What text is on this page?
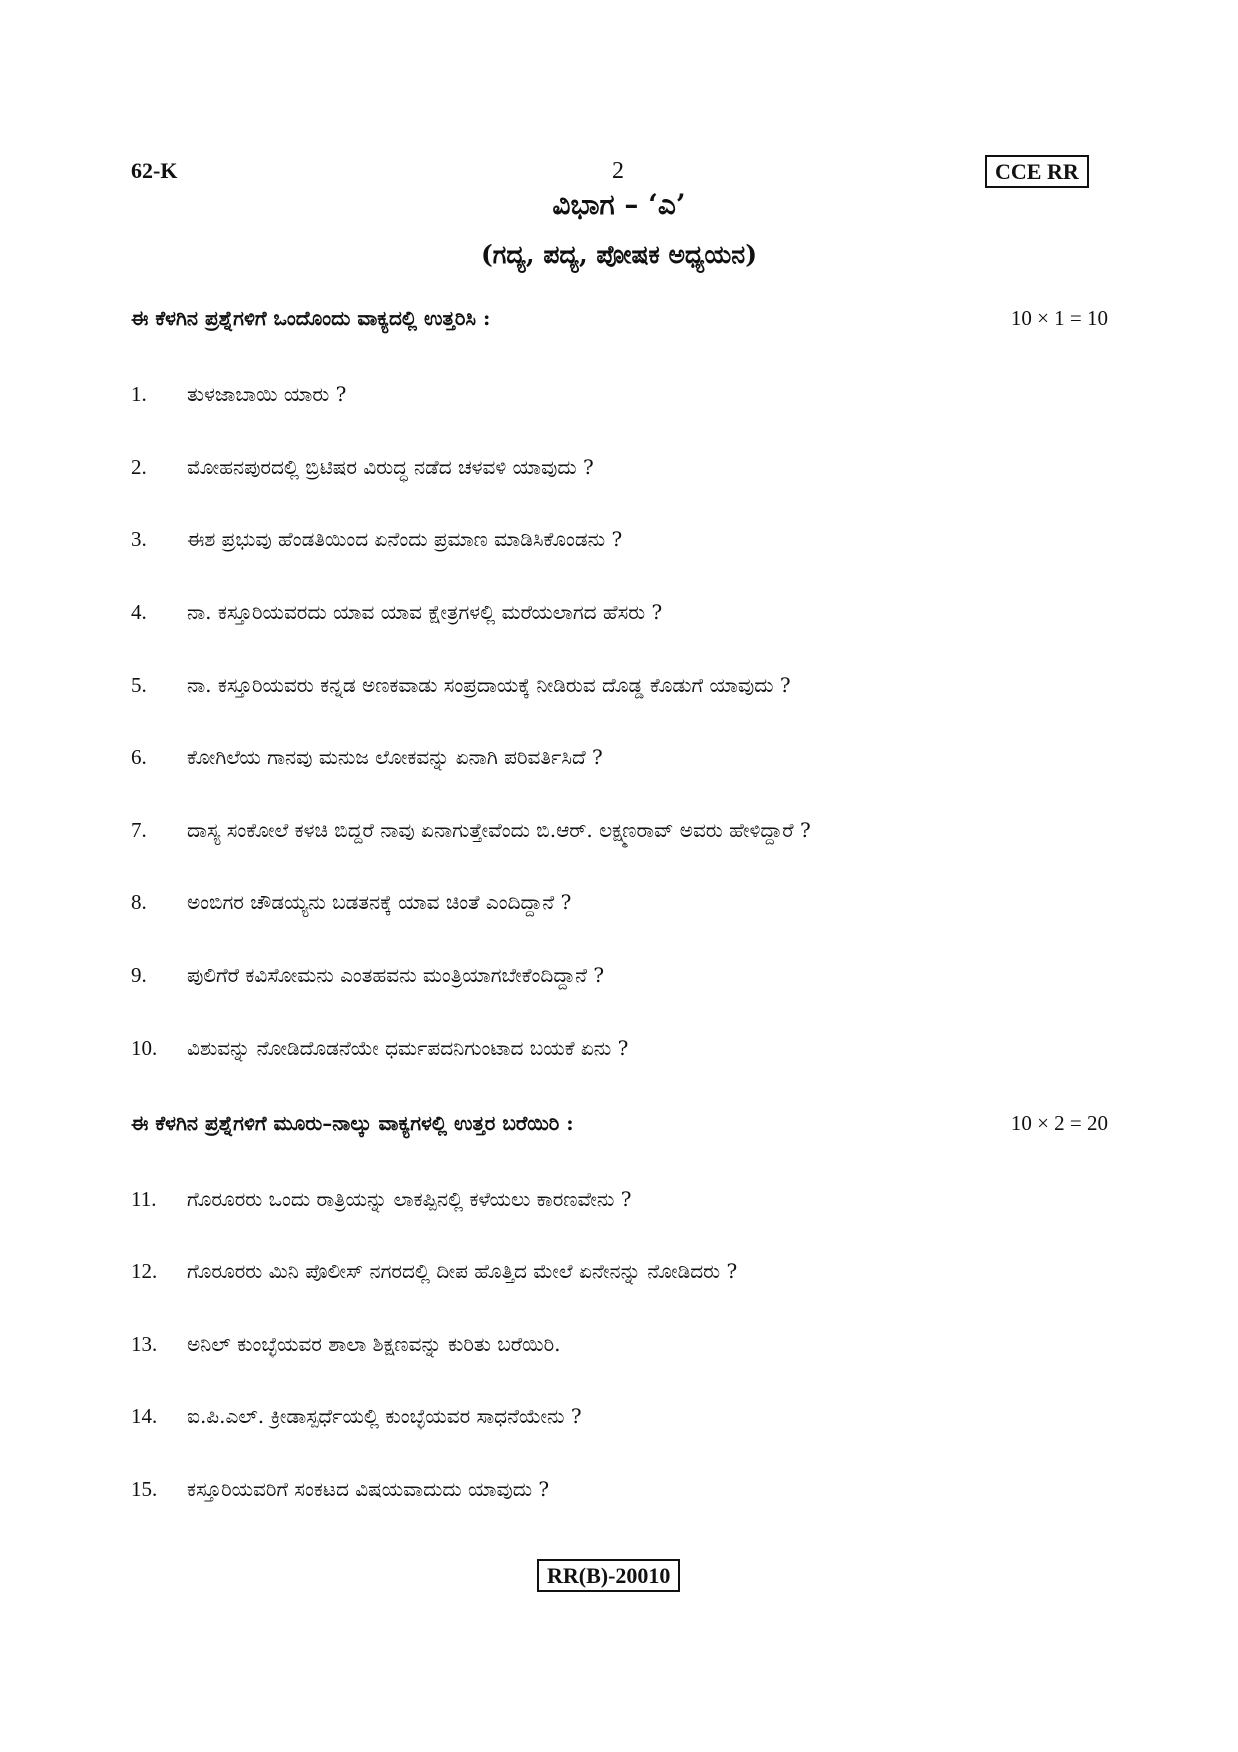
62-K	2	CCE RR
ವಿಭಾಗ – ‘ಎ’
(ಗದ್ಯ, ಪದ್ಯ, ಪೋಷಕ ಅಧ್ಯಯನ)
ಈ ಕೆಳಗಿನ ಪ್ರಶ್ನೆಗಳಿಗೆ ಒಂದೊಂದು ವಾಕ್ಯದಲ್ಲಿ ಉತ್ತರಿಸಿ :	10 × 1 = 10
1. ತುಳಜಾಬಾಯಿ ಯಾರು ?
2. ಮೋಹನಪುರದಲ್ಲಿ ಬ್ರಿಟಿಷರ ವಿರುದ್ಧ ನಡೆದ ಚಳವಳಿ ಯಾವುದು ?
3. ಈಶ ಪ್ರಭುವು ಹೆಂಡತಿಯಿಂದ ಏನೆಂದು ಪ್ರಮಾಣ ಮಾಡಿಸಿಕೊಂಡನು ?
4. ನಾ. ಕಸ್ತೂರಿಯವರದು ಯಾವ ಯಾವ ಕ್ಷೇತ್ರಗಳಲ್ಲಿ ಮರೆಯಲಾಗದ ಹೆಸರು ?
5. ನಾ. ಕಸ್ತೂರಿಯವರು ಕನ್ನಡ ಅಣಕವಾಡು ಸಂಪ್ರದಾಯಕ್ಕೆ ನೀಡಿರುವ ದೊಡ್ಡ ಕೊಡುಗೆ ಯಾವುದು ?
6. ಕೋಗಿಲೆಯ ಗಾನವು ಮನುಜ ಲೋಕವನ್ನು ಏನಾಗಿ ಪರಿವರ್ತಿಸಿದೆ ?
7. ದಾಸ್ಯ ಸಂಕೋಲೆ ಕಳಚಿ ಬಿದ್ದರೆ ನಾವು ಏನಾಗುತ್ತೇವೆಂದು ಬಿ.ಆರ್. ಲಕ್ಷ್ಮಣರಾವ್ ಅವರು ಹೇಳಿದ್ದಾರೆ ?
8. ಅಂಬಿಗರ ಚೌಡಯ್ಯನು ಬಡತನಕ್ಕೆ ಯಾವ ಚಿಂತೆ ಎಂದಿದ್ದಾನೆ ?
9. ಪುಲಿಗೆರೆ ಕವಿಸೋಮನು ಎಂತಹವನು ಮಂತ್ರಿಯಾಗಬೇಕೆಂದಿದ್ದಾನೆ ?
10. ವಿಶುವನ್ನು ನೋಡಿದೊಡನೆಯೇ ಧರ್ಮಪದನಿಗುಂಟಾದ ಬಯಕೆ ಏನು ?
ಈ ಕೆಳಗಿನ ಪ್ರಶ್ನೆಗಳಿಗೆ ಮೂರು–ನಾಲ್ಕು ವಾಕ್ಯಗಳಲ್ಲಿ ಉತ್ತರ ಬರೆಯಿರಿ :	10 × 2 = 20
11. ಗೊರೂರರು ಒಂದು ರಾತ್ರಿಯನ್ನು ಲಾಕಪ್ಪಿನಲ್ಲಿ ಕಳೆಯಲು ಕಾರಣವೇನು ?
12. ಗೊರೂರರು ಮಿನಿ ಪೊಲೀಸ್ ನಗರದಲ್ಲಿ ದೀಪ ಹೊತ್ತಿದ ಮೇಲೆ ಏನೇನನ್ನು ನೋಡಿದರು ?
13. ಅನಿಲ್ ಕುಂಬ್ಳೆಯವರ ಶಾಲಾ ಶಿಕ್ಷಣವನ್ನು ಕುರಿತು ಬರೆಯಿರಿ.
14. ಐ.ಪಿ.ಎಲ್. ಕ್ರೀಡಾಸ್ಪರ್ಧೆಯಲ್ಲಿ ಕುಂಬ್ಳೆಯವರ ಸಾಧನೆಯೇನು ?
15. ಕಸ್ತೂರಿಯವರಿಗೆ ಸಂಕಟದ ವಿಷಯವಾದುದು ಯಾವುದು ?
RR(B)-20010
